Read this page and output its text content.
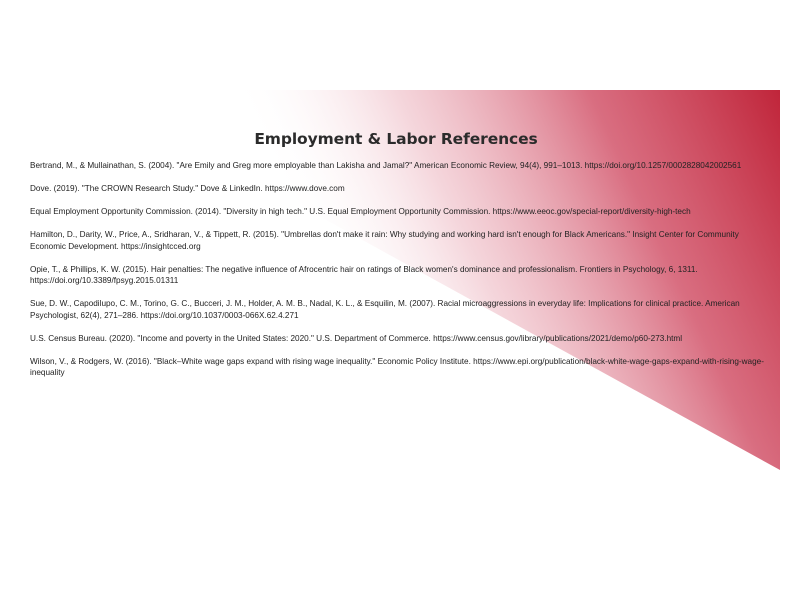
Employment & Labor References
Bertrand, M., & Mullainathan, S. (2004). "Are Emily and Greg more employable than Lakisha and Jamal?" American Economic Review, 94(4), 991–1013. https://doi.org/10.1257/0002828042002561
Dove. (2019). "The CROWN Research Study." Dove & LinkedIn. https://www.dove.com
Equal Employment Opportunity Commission. (2014). "Diversity in high tech." U.S. Equal Employment Opportunity Commission. https://www.eeoc.gov/special-report/diversity-high-tech
Hamilton, D., Darity, W., Price, A., Sridharan, V., & Tippett, R. (2015). "Umbrellas don't make it rain: Why studying and working hard isn't enough for Black Americans." Insight Center for Community Economic Development. https://insightcced.org
Opie, T., & Phillips, K. W. (2015). Hair penalties: The negative influence of Afrocentric hair on ratings of Black women's dominance and professionalism. Frontiers in Psychology, 6, 1311. https://doi.org/10.3389/fpsyg.2015.01311
Sue, D. W., Capodilupo, C. M., Torino, G. C., Bucceri, J. M., Holder, A. M. B., Nadal, K. L., & Esquilin, M. (2007). Racial microaggressions in everyday life: Implications for clinical practice. American Psychologist, 62(4), 271–286. https://doi.org/10.1037/0003-066X.62.4.271
U.S. Census Bureau. (2020). "Income and poverty in the United States: 2020." U.S. Department of Commerce. https://www.census.gov/library/publications/2021/demo/p60-273.html
Wilson, V., & Rodgers, W. (2016). "Black–White wage gaps expand with rising wage inequality." Economic Policy Institute. https://www.epi.org/publication/black-white-wage-gaps-expand-with-rising-wage-inequality
